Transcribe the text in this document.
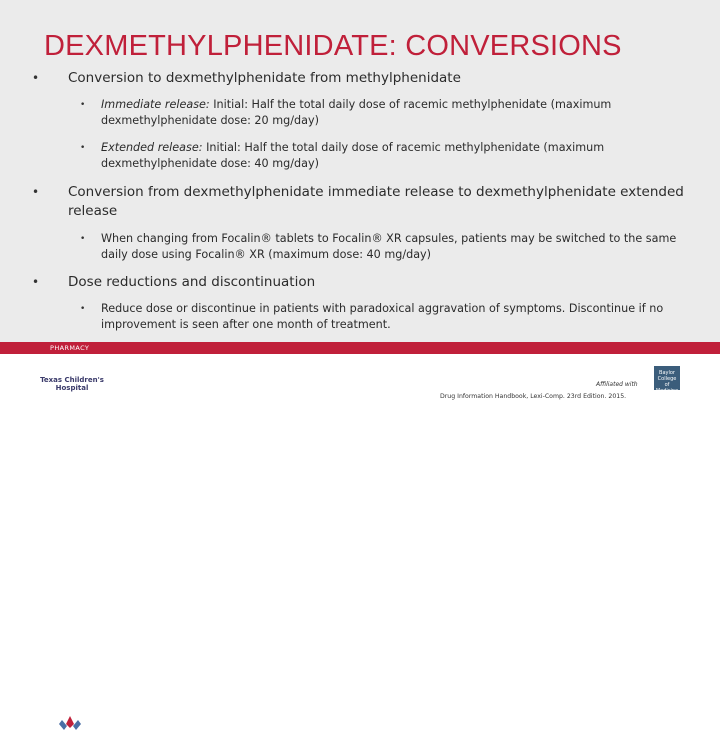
DEXMETHYLPHENIDATE: CONVERSIONS
• Conversion to dexmethylphenidate from methylphenidate
• Immediate release: Initial: Half the total daily dose of racemic methylphenidate (maximum dexmethylphenidate dose: 20 mg/day)
• Extended release: Initial: Half the total daily dose of racemic methylphenidate (maximum dexmethylphenidate dose: 40 mg/day)
• Conversion from dexmethylphenidate immediate release to dexmethylphenidate extended release
• When changing from Focalin® tablets to Focalin® XR capsules, patients may be switched to the same daily dose using Focalin® XR (maximum dose: 40 mg/day)
• Dose reductions and discontinuation
• Reduce dose or discontinue in patients with paradoxical aggravation of symptoms. Discontinue if no improvement is seen after one month of treatment.
PHARMACY
Texas Children's Hospital	Affiliated with
Baylor College of Medicine
Drug Information Handbook, Lexi-Comp. 23rd Edition. 2015.
